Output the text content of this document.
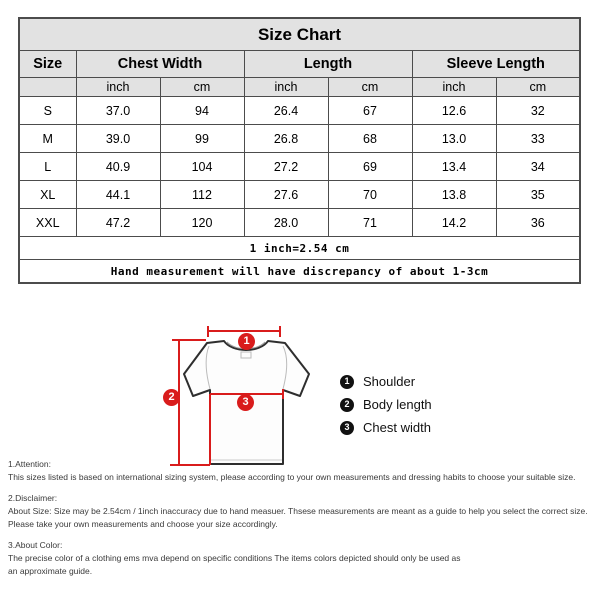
Size Chart						
Size	Chest Width		Length		Sleeve Length	
	inch	cm	inch	cm	inch	cm
S	37.0	94	26.4	67	12.6	32
M	39.0	99	26.8	68	13.0	33
L	40.9	104	27.2	69	13.4	34
XL	44.1	112	27.6	70	13.8	35
XXL	47.2	120	28.0	71	14.2	36
1 inch=2.54 cm						
Hand measurement will have discrepancy of about 1-3cm						
1
2	3
1	Shoulder
2	Body length
3	Chest width
1.Attention:
This sizes listed is based on international sizing system, please according to your own measurements and dressing habits to choose your suitable size.
2.Disclaimer:
About Size: Size may be 2.54cm / 1inch inaccuracy due to hand measuer. Thsese measurements are meant as a guide to help you select the correct size.
Please take your own measurements and choose your size accordingly.
3.About Color:
The precise color of a clothing ems mva depend on specific conditions The items colors depicted should only be used as
an approximate guide.
